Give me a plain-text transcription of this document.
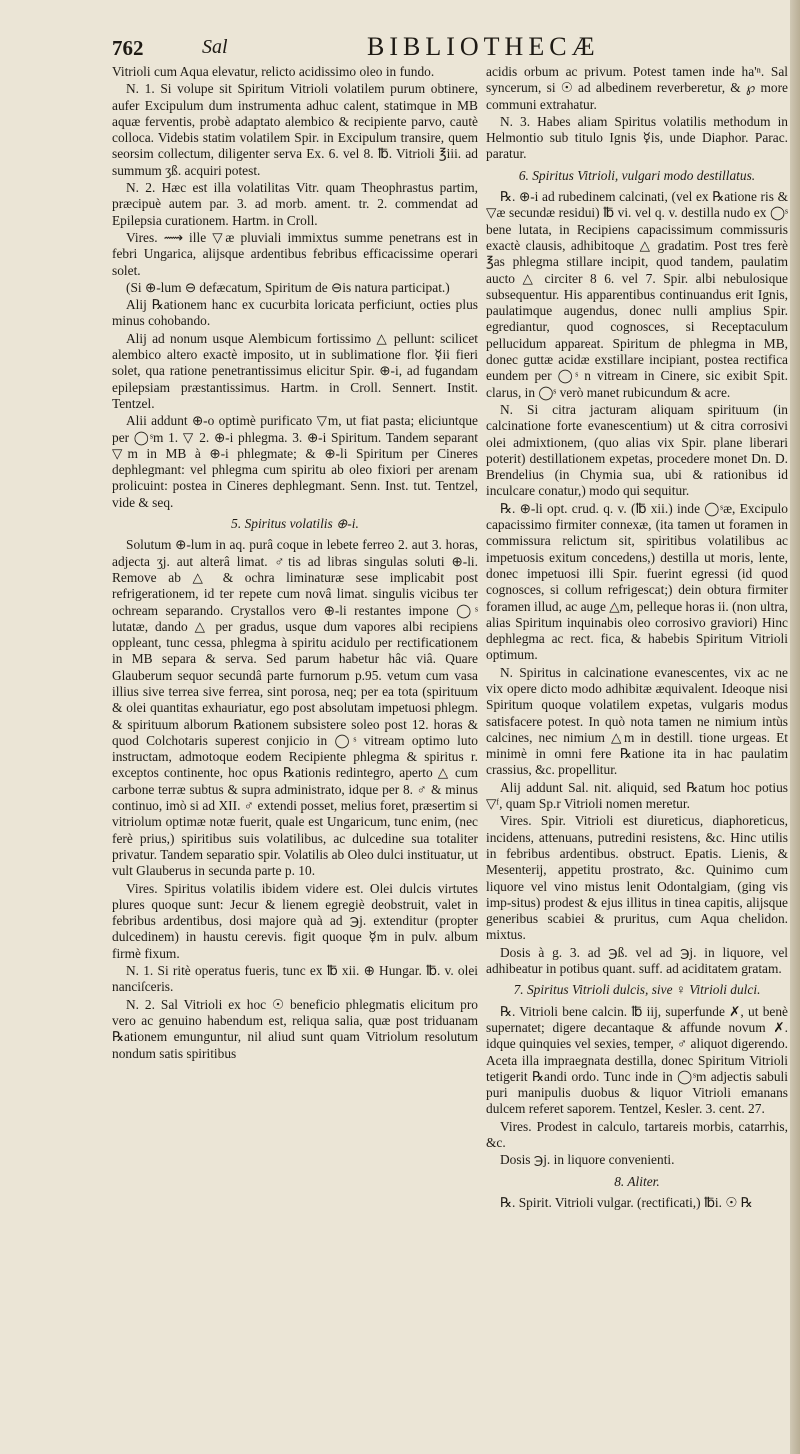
762	Sal	BIBLIOTHECÆ

Vitrioli cum Aqua elevatur, relicto acidissimo oleo in fundo.

N. 1. Si volupe sit Spiritum Vitrioli volatilem purum obtinere, aufer Excipulum dum instrumenta adhuc calent, statimque in MB aquæ ferventis, probè adaptato alembico & recipiente parvo, cautè colloca. Videbis statim volatilem Spir. in Excipulum transire, quem seorsim collectum, diligenter serva Ex. 6. vel 8. ℔. Vitrioli ℥iii. ad summum ʒß. acquiri potest.

N. 2. Hæc est illa volatilitas Vitr. quam Theophrastus partim, præcipuè autem par. 3. ad morb. ament. tr. 2. commendat ad Epilepsia curationem. Hartm. in Croll.

Vires. ⟿ ille ▽æ pluviali immixtus summe penetrans est in febri Ungarica, alijsque ardentibus febribus efficacissime operari solet.

(Si ⊕-lum ⊖ defæcatum, Spiritum de ⊖is natura participat.)

Alij ℞ationem hanc ex cucurbita loricata perficiunt, octies plus minus cohobando.

Alij ad nonum usque Alembicum fortissimo △ pellunt: scilicet alembico altero exactè imposito, ut in sublimatione flor. ☿ii fieri solet, qua ratione penetrantissimus elicitur Spir. ⊕-i, ad fugandam epilepsiam præstantissimus. Hartm. in Croll. Sennert. Instit. Tentzel.

Alii addunt ⊕-o optimè purificato ▽m, ut fiat pasta; eliciuntque per ◯ˢm 1. ▽ 2. ⊕-i phlegma. 3. ⊕-i Spiritum. Tandem separant ▽m in MB à ⊕-i phlegmate; & ⊕-li Spiritum per Cineres dephlegmant: vel phlegma cum spiritu ab oleo fixiori per arenam prolicuint: postea in Cineres dephlegmant. Senn. Inst. tut. Tentzel, vide & seq.

5. Spiritus volatilis ⊕-i.

Solutum ⊕-lum in aq. purâ coque in lebete ferreo 2. aut 3. horas, adjecta ʒj. aut alterâ limat. ♂tis ad libras singulas soluti ⊕-li. Remove ab △ & ochra liminaturæ sese implicabit post refrigerationem, id ter repete cum novâ limat. singulis vicibus ter ochream separando. Crystallos vero ⊕-li restantes impone ◯ˢ lutatæ, dando △ per gradus, usque dum vapores albi recipiens oppleant, tunc cessa, phlegma à spiritu acidulo per rectificationem in MB separa & serva. Sed parum habetur hâc viâ. Quare Glauberum sequor secundâ parte furnorum p.95. vetum cum vasa illius sive terrea sive ferrea, sint porosa, neq; per ea tota (spirituum & olei quantitas exhauriatur, ego post absolutam impetuosi phlegm. & spirituum alborum ℞ationem subsistere soleo post 12. horas & quod Colchotaris superest conjicio in ◯ˢ vitream optimo luto instructam, admotoque eodem Recipiente phlegma & spiritus r. exceptos continente, hoc opus ℞ationis redintegro, aperto △ cum carbone terræ subtus & supra administrato, idque per 8. ♂ & minus continuo, imò si ad XII. ♂ extendi posset, melius foret, præsertim si vitriolum optimæ notæ fuerit, quale est Ungaricum, tunc enim, (nec ferè prius,) spiritibus suis volatilibus, ac dulcedine sua totaliter privatur. Tandem separatio spir. Volatilis ab Oleo dulci instituatur, ut vult Glauberus in secunda parte p. 10.

Vires. Spiritus volatilis ibidem videre est. Olei dulcis virtutes plures quoque sunt: Jecur & lienem egregiè deobstruit, valet in febribus ardentibus, dosi majore quà ad ℈j. extenditur (propter dulcedinem) in haustu cerevis. figit quoque ☿m in pulv. album firmè fixum.

N. 1. Si ritè operatus fueris, tunc ex ℔ xii. ⊕ Hungar. ℔. v. olei nanciſceris.

N. 2. Sal Vitrioli ex hoc ☉ beneficio phlegmatis elicitum pro vero ac genuino habendum est, reliqua salia, quæ post triduanam ℞ationem emunguntur, nil aliud sunt quam Vitriolum resolutum nondum satis spiritibus

acidis orbum ac privum. Potest tamen inde ha'ⁿ. Sal syncerum, si ☉ ad albedinem reverberetur, & ℘ more communi extrahatur.

N. 3. Habes aliam Spiritus volatilis methodum in Helmontio sub titulo Ignis ☿is, unde Diaphor. Parac. paratur.

6. Spiritus Vitrioli, vulgari modo destillatus.

℞. ⊕-i ad rubedinem calcinati, (vel ex ℞atione ris & ▽æ secundæ residui) ℔ vi. vel q. v. destilla nudo ex ◯ˢ bene lutata, in Recipiens capacissimum commissuris exactè clausis, adhibitoque △ gradatim. Post tres ferè ℥as phlegma stillare incipit, quod tandem, paulatim aucto △ circiter 8 6. vel 7. Spir. albi nebulosique subsequentur. His apparentibus continuandus erit Ignis, paulatimque augendus, donec nulli amplius Spir. egrediantur, quod cognosces, si Receptaculum pellucidum appareat. Spiritum de phlegma in MB, donec guttæ acidæ exstillare incipiant, postea rectifica eundem per ◯ˢ n vitream in Cinere, sic exibit Spit. clarus, in ◯ˢ verò manet rubicundum & acre.

N. Si citra jacturam aliquam spirituum (in calcinatione forte evanescentium) ut & citra corrosivi olei admixtionem, (quo alias vix Spir. plane liberari poterit) destillationem expetas, procedere monet Dn. D. Brendelius (in Chymia sua, ubi & rationibus id inculcare conatur,) modo qui sequitur.

℞. ⊕-li opt. crud. q. v. (℔ xii.) inde ◯ˢæ, Excipulo capacissimo firmiter connexæ, (ita tamen ut foramen in commissura relictum sit, spiritibus volatilibus ac impetuosis exitum concedens,) destilla ut moris, lente, donec impetuosi illi Spir. fuerint egressi (id quod cognosces, si collum refrigescat;) dein obtura firmiter foramen illud, ac auge △m, pelleque horas ii. (non ultra, alias Spiritum inquinabis oleo corrosivo graviori) Hinc dephlegma ac rect. fica, & habebis Spiritum Vitrioli optimum.

N. Spiritus in calcinatione evanescentes, vix ac ne vix opere dicto modo adhibitæ æquivalent. Ideoque nisi Spiritum quoque volatilem expetas, vulgaris modus satisfacere potest. In quò nota tamen ne nimium intùs calcines, nec nimium △m in destill. tione urgeas. Et minimè in omni fere ℞atione ita in hac paulatim crassius, &c. propellitur.

Alij addunt Sal. nit. aliquid, sed ℞atum hoc potius ▽ᶠ, quam Sp.r Vitrioli nomen meretur.

Vires. Spir. Vitrioli est diureticus, diaphoreticus, incidens, attenuans, putredini resistens, &c. Hinc utilis in febribus ardentibus. obstruct. Epatis. Lienis, & Mesenterij, appetitu prostrato, &c. Quinimo cum liquore vel vino mistus lenit Odontalgiam, (ging vis imp-situs) prodest & ejus illitus in tinea capitis, alijsque generibus scabiei & pruritus, cum Aqua chelidon. mixtus.

Dosis à g. 3. ad ℈ß. vel ad ℈j. in liquore, vel adhibeatur in potibus quant. suff. ad aciditatem gratam.

7. Spiritus Vitrioli dulcis, sive ♀ Vitrioli dulci.

℞. Vitrioli bene calcin. ℔ iij, superfunde ✗, ut benè supernatet; digere decantaque & affunde novum ✗. idque quinquies vel sexies, temper, ♂ aliquot digerendo. Aceta illa impraegnata destilla, donec Spiritum Vitrioli tetigerit ℞andi ordo. Tunc inde in ◯ˢm adjectis sabuli puri manipulis duobus & liquor Vitrioli emanans dulcem referet saporem. Tentzel, Kesler. 3. cent. 27.

Vires. Prodest in calculo, tartareis morbis, catarrhis, &c.

Dosis ℈j. in liquore convenienti.

8. Aliter.

℞. Spirit. Vitrioli vulgar. (rectificati,) ℔i. ☉ ℞
